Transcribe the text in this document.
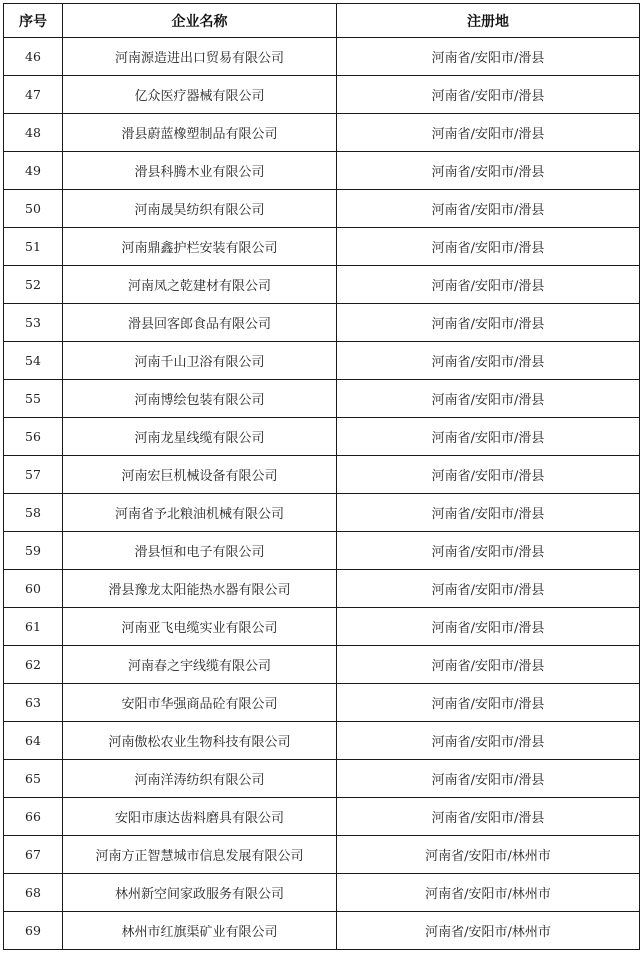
序号	企业名称	注册地
46	河南源造进出口贸易有限公司	河南省/安阳市/滑县
47	亿众医疗器械有限公司	河南省/安阳市/滑县
48	滑县蔚蓝橡塑制品有限公司	河南省/安阳市/滑县
49	滑县科腾木业有限公司	河南省/安阳市/滑县
50	河南晟昊纺织有限公司	河南省/安阳市/滑县
51	河南鼎鑫护栏安装有限公司	河南省/安阳市/滑县
52	河南凤之乾建材有限公司	河南省/安阳市/滑县
53	滑县回客郎食品有限公司	河南省/安阳市/滑县
54	河南千山卫浴有限公司	河南省/安阳市/滑县
55	河南博绘包装有限公司	河南省/安阳市/滑县
56	河南龙星线缆有限公司	河南省/安阳市/滑县
57	河南宏巨机械设备有限公司	河南省/安阳市/滑县
58	河南省予北粮油机械有限公司	河南省/安阳市/滑县
59	滑县恒和电子有限公司	河南省/安阳市/滑县
60	滑县豫龙太阳能热水器有限公司	河南省/安阳市/滑县
61	河南亚飞电缆实业有限公司	河南省/安阳市/滑县
62	河南春之宇线缆有限公司	河南省/安阳市/滑县
63	安阳市华强商品砼有限公司	河南省/安阳市/滑县
64	河南傲松农业生物科技有限公司	河南省/安阳市/滑县
65	河南洋涛纺织有限公司	河南省/安阳市/滑县
66	安阳市康达齿料磨具有限公司	河南省/安阳市/滑县
67	河南方正智慧城市信息发展有限公司	河南省/安阳市/林州市
68	林州新空间家政服务有限公司	河南省/安阳市/林州市
69	林州市红旗渠矿业有限公司	河南省/安阳市/林州市
